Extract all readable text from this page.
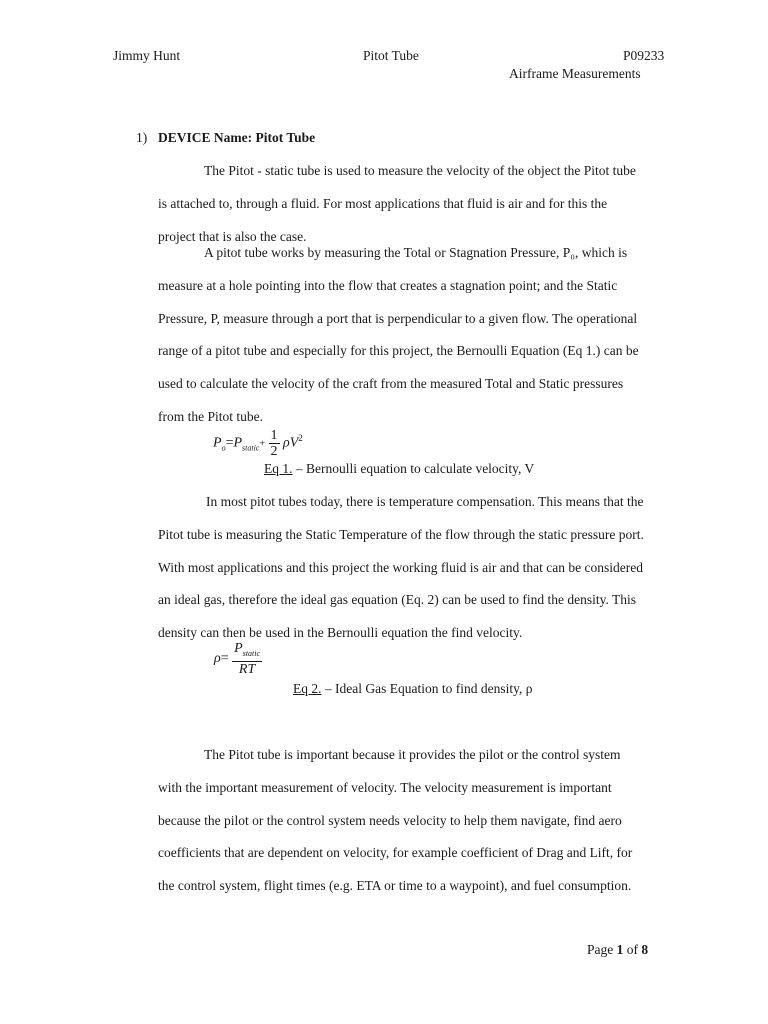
Jimmy Hunt	Pitot Tube	P09233
Airframe Measurements
1) DEVICE Name: Pitot Tube
The Pitot - static tube is used to measure the velocity of the object the Pitot tube
is attached to, through a fluid. For most applications that fluid is air and for this the
project that is also the case.
A pitot tube works by measuring the Total or Stagnation Pressure, P₀, which is
measure at a hole pointing into the flow that creates a stagnation point; and the Static
Pressure, P, measure through a port that is perpendicular to a given flow. The operational
range of a pitot tube and especially for this project, the Bernoulli Equation (Eq 1.) can be
used to calculate the velocity of the craft from the measured Total and Static pressures
from the Pitot tube.
$P_o=P_{static}+ \frac{1}{2} \rho V^2$
Eq 1. – Bernoulli equation to calculate velocity, V
In most pitot tubes today, there is temperature compensation. This means that the
Pitot tube is measuring the Static Temperature of the flow through the static pressure port.
With most applications and this project the working fluid is air and that can be considered
an ideal gas, therefore the ideal gas equation (Eq. 2) can be used to find the density. This
density can then be used in the Bernoulli equation the find velocity.
$\rho= \frac{P_{static}}{RT}$
Eq 2. – Ideal Gas Equation to find density, ρ
The Pitot tube is important because it provides the pilot or the control system
with the important measurement of velocity. The velocity measurement is important
because the pilot or the control system needs velocity to help them navigate, find aero
coefficients that are dependent on velocity, for example coefficient of Drag and Lift, for
the control system, flight times (e.g. ETA or time to a waypoint), and fuel consumption.
Page 1 of 8
